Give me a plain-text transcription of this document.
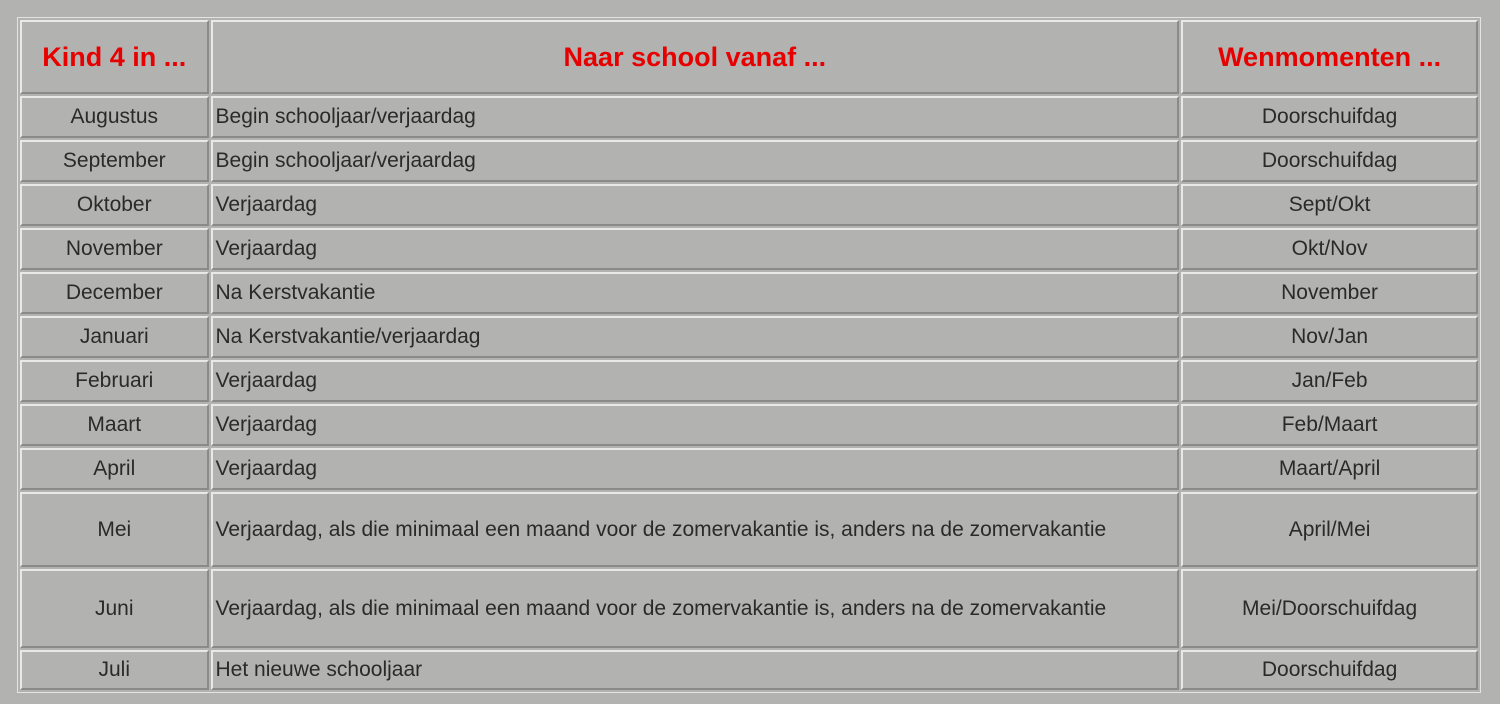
Kind 4 in ...	Naar school vanaf ...	Wenmomenten ...
Augustus	Begin schooljaar/verjaardag	Doorschuifdag
September	Begin schooljaar/verjaardag	Doorschuifdag
Oktober	Verjaardag	Sept/Okt
November	Verjaardag	Okt/Nov
December	Na Kerstvakantie	November
Januari	Na Kerstvakantie/verjaardag	Nov/Jan
Februari	Verjaardag	Jan/Feb
Maart	Verjaardag	Feb/Maart
April	Verjaardag	Maart/April
Mei	Verjaardag, als die minimaal een maand voor de zomervakantie is, anders na de zomervakantie	April/Mei
Juni	Verjaardag, als die minimaal een maand voor de zomervakantie is, anders na de zomervakantie	Mei/Doorschuifdag
Juli	Het nieuwe schooljaar	Doorschuifdag
